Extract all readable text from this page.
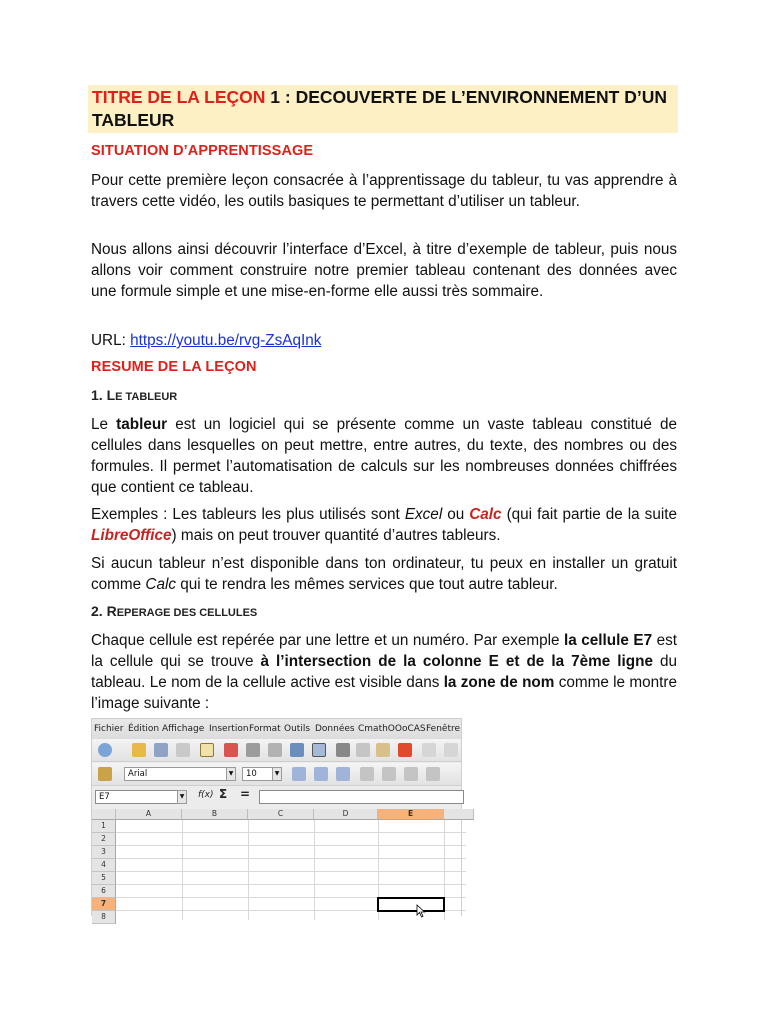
TITRE DE LA LEÇON 1 : DECOUVERTE DE L’ENVIRONNEMENT D’UN TABLEUR
SITUATION D’APPRENTISSAGE
Pour cette première leçon consacrée à l’apprentissage du tableur, tu vas apprendre à travers cette vidéo, les outils basiques te permettant d’utiliser un tableur.
Nous allons ainsi découvrir l’interface d’Excel, à titre d’exemple de tableur, puis nous allons voir comment construire notre premier tableau contenant des données avec une formule simple et une mise-en-forme elle aussi très sommaire.
URL: https://youtu.be/rvg-ZsAqInk
RESUME DE LA LEÇON
1. LE TABLEUR
Le tableur est un logiciel qui se présente comme un vaste tableau constitué de cellules dans lesquelles on peut mettre, entre autres, du texte, des nombres ou des formules. Il permet l’automatisation de calculs sur les nombreuses données chiffrées que contient ce tableau.
Exemples : Les tableurs les plus utilisés sont Excel ou Calc (qui fait partie de la suite LibreOffice) mais on peut trouver quantité d’autres tableurs.
Si aucun tableur n’est disponible dans ton ordinateur, tu peux en installer un gratuit comme Calc qui te rendra les mêmes services que tout autre tableur.
2. REPERAGE DES CELLULES
Chaque cellule est repérée par une lettre et un numéro. Par exemple la cellule E7 est la cellule qui se trouve à l’intersection de la colonne E et de la 7ème ligne du tableau. Le nom de la cellule active est visible dans la zone de nom comme le montre l’image suivante :
Fichier Édition Affichage Insertion Format Outils Données CmathOOoCAS Fenêtre
Arial	▼	10	▼
E7	▼ f(x) Σ =
A	B	C	D	E
1
2
3
4
5
6
7
8
